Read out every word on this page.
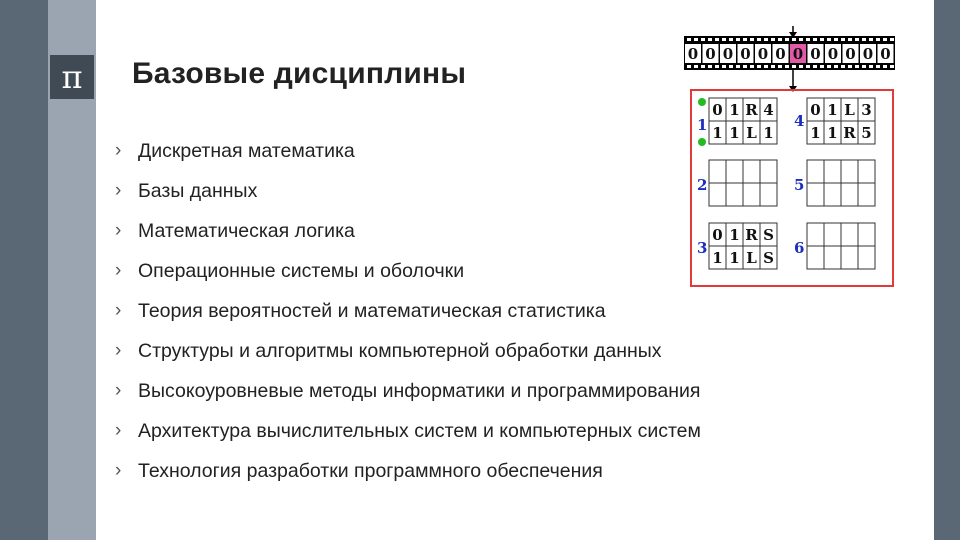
π	Базовые дисциплины
› Дискретная математика
› Базы данных
› Математическая логика
› Операционные системы и оболочки
› Теория вероятностей и математическая статистика
› Структуры и алгоритмы компьютерной обработки данных
› Высокоуровневые методы информатики и программирования
› Архитектура вычислительных систем и компьютерных систем
› Технология разработки программного обеспечения
0 0 0 0 0 0 0 0 0 0 0 0
1
2
3
4
5
6
0 1 R 4
1 1 L 1
0 1 R S
1 1 L S
0 1 L 3
1 1 R 5
